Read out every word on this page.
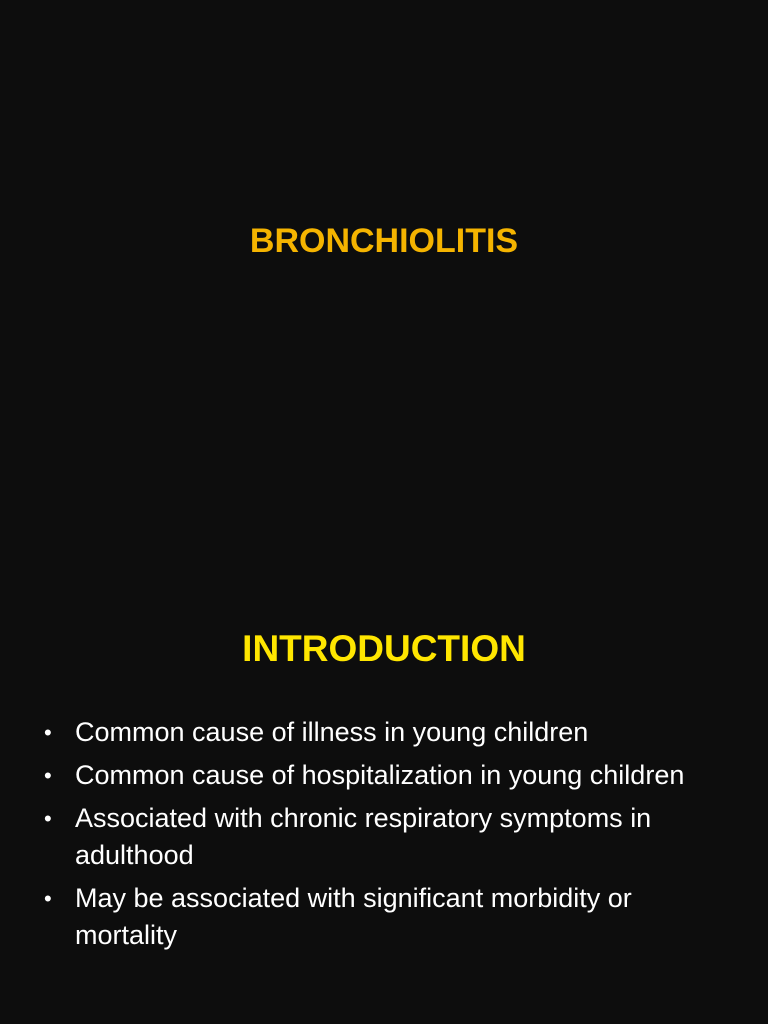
BRONCHIOLITIS
INTRODUCTION
• Common cause of illness in young children
• Common cause of hospitalization in young children
• Associated with chronic respiratory symptoms in adulthood
• May be associated with significant morbidity or mortality
